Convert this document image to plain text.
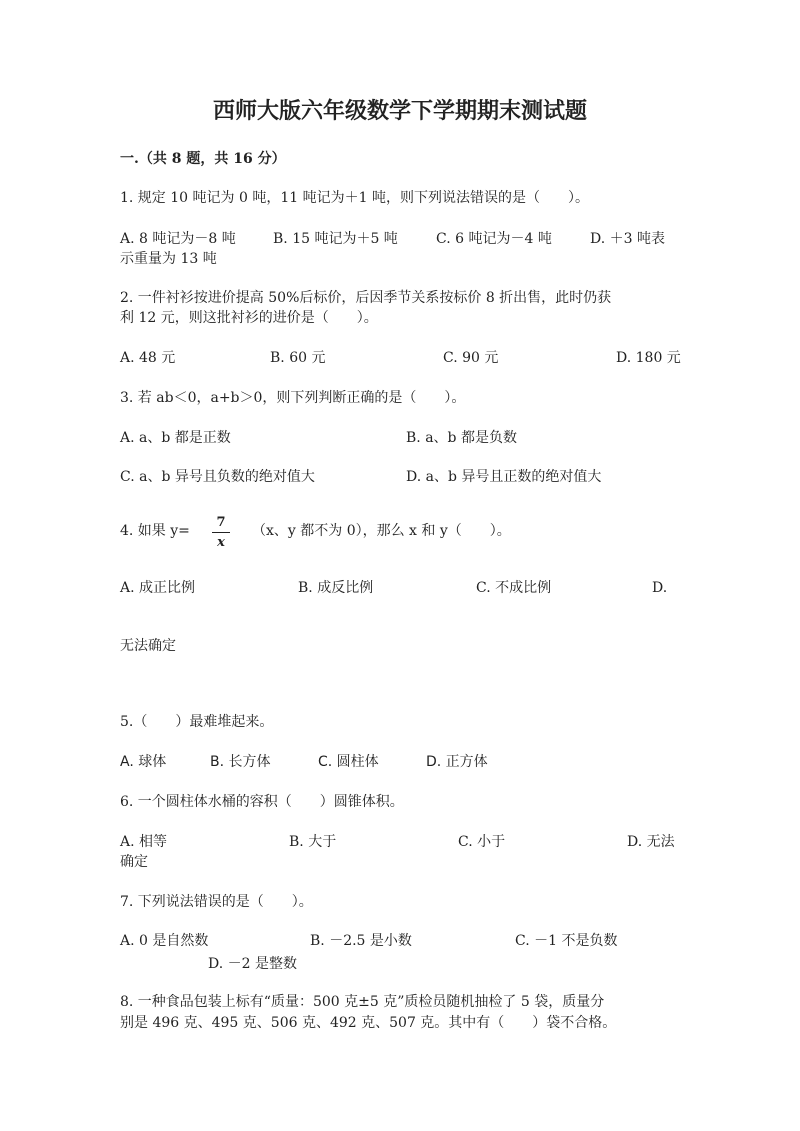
西师大版六年级数学下学期期末测试题
一.（共 8 题，共 16 分）
1. 规定 10 吨记为 0 吨，11 吨记为＋1 吨，则下列说法错误的是（　　）。
A. 8 吨记为－8 吨	B. 15 吨记为＋5 吨	C. 6 吨记为－4 吨	D. ＋3 吨表
示重量为 13 吨
2. 一件衬衫按进价提高 50%后标价，后因季节关系按标价 8 折出售，此时仍获
利 12 元，则这批衬衫的进价是（　　）。
A. 48 元	B. 60 元	C. 90 元	D. 180 元
3. 若 ab＜0，a+b＞0，则下列判断正确的是（　　）。
A. a、b 都是正数	B. a、b 都是负数
C. a、b 异号且负数的绝对值大	D. a、b 异号且正数的绝对值大
4. 如果 y=
7
x
（x、y 都不为 0），那么 x 和 y（　　）。
A. 成正比例	B. 成反比例	C. 不成比例	D.
无法确定
5.（　　）最难堆起来。
A. 球体	B. 长方体	C. 圆柱体	D. 正方体
6. 一个圆柱体水桶的容积（　　）圆锥体积。
A. 相等	B. 大于	C. 小于	D. 无法
确定
7. 下列说法错误的是（　　）。
A. 0 是自然数	B. －2.5 是小数	C. －1 不是负数
D. －2 是整数
8. 一种食品包装上标有“质量：500 克±5 克”质检员随机抽检了 5 袋，质量分
别是 496 克、495 克、506 克、492 克、507 克。其中有（　　）袋不合格。
